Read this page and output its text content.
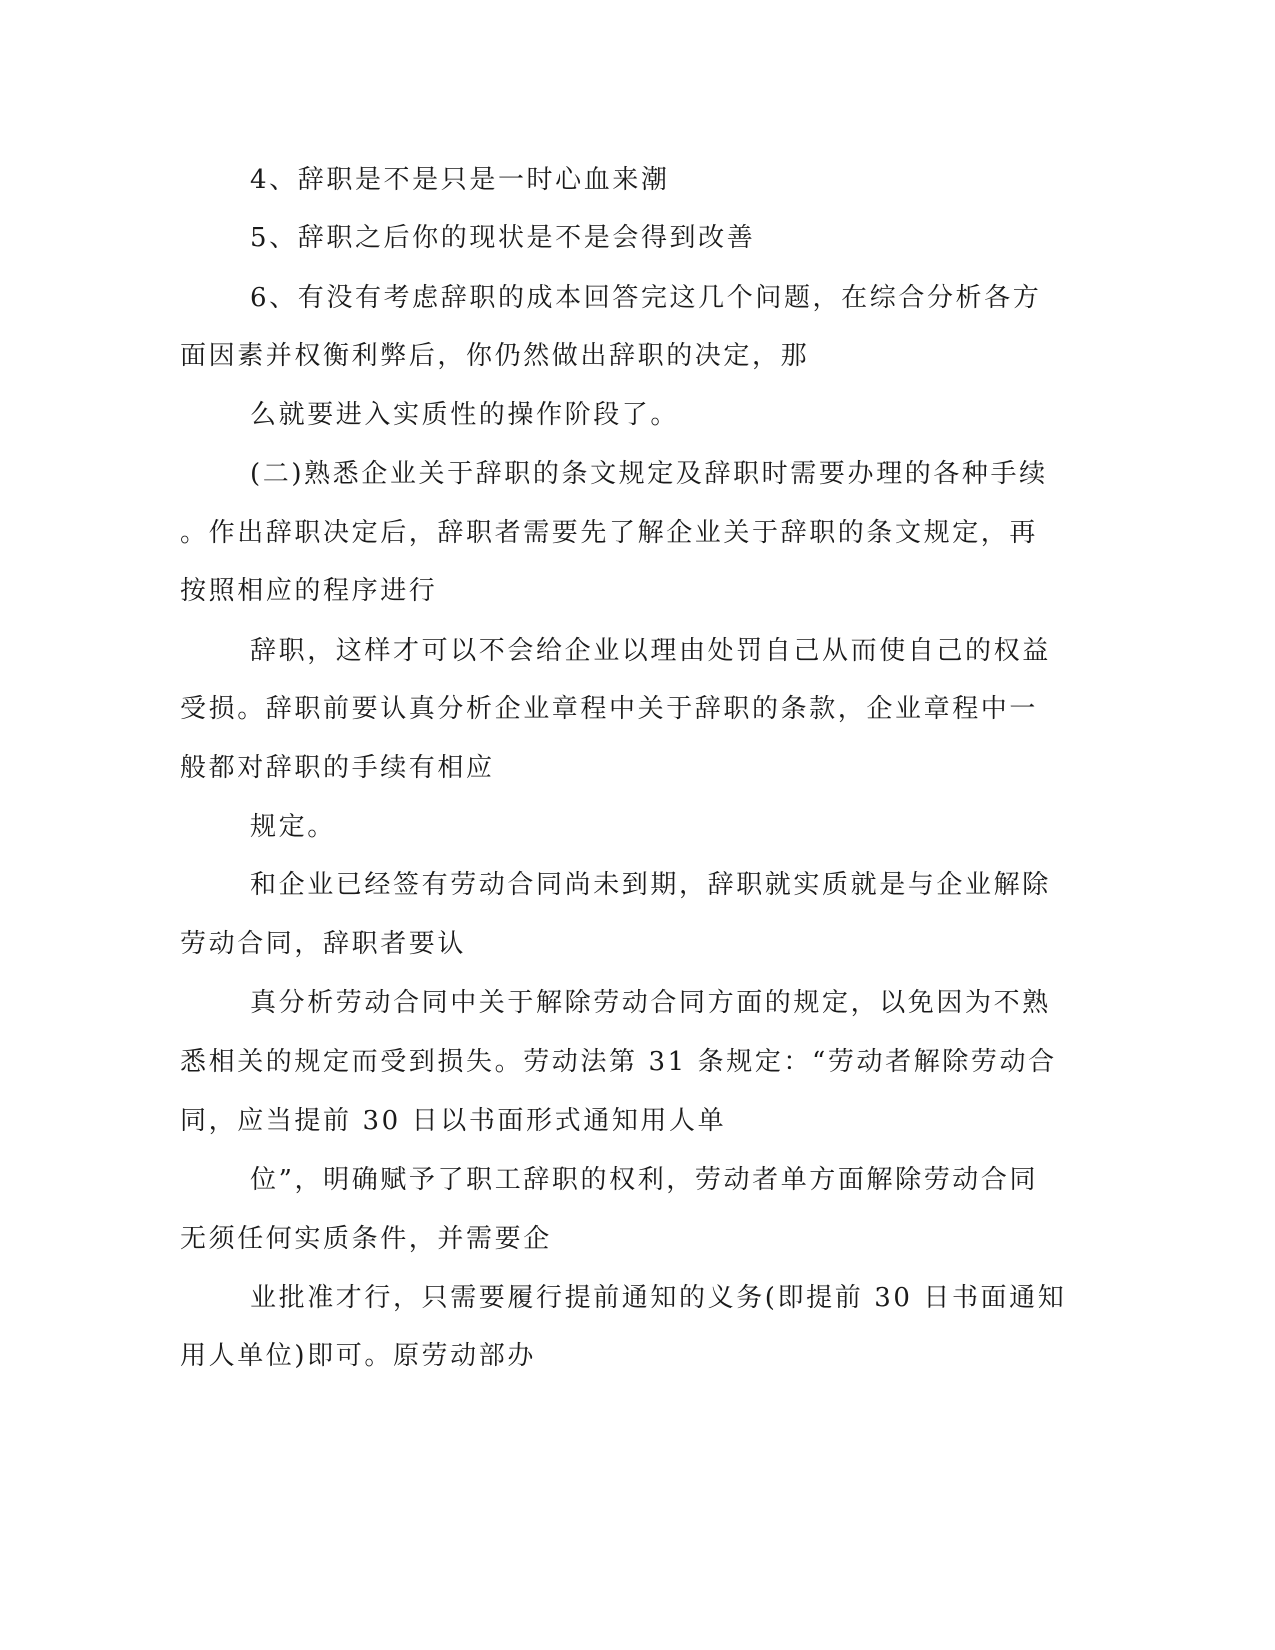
4、辞职是不是只是一时心血来潮
5、辞职之后你的现状是不是会得到改善
6、有没有考虑辞职的成本回答完这几个问题，在综合分析各方
面因素并权衡利弊后，你仍然做出辞职的决定，那
么就要进入实质性的操作阶段了。
(二)熟悉企业关于辞职的条文规定及辞职时需要办理的各种手续
。作出辞职决定后，辞职者需要先了解企业关于辞职的条文规定，再
按照相应的程序进行
辞职，这样才可以不会给企业以理由处罚自己从而使自己的权益
受损。辞职前要认真分析企业章程中关于辞职的条款，企业章程中一
般都对辞职的手续有相应
规定。
和企业已经签有劳动合同尚未到期，辞职就实质就是与企业解除
劳动合同，辞职者要认
真分析劳动合同中关于解除劳动合同方面的规定，以免因为不熟
悉相关的规定而受到损失。劳动法第 31 条规定：“劳动者解除劳动合
同，应当提前 30 日以书面形式通知用人单
位”，明确赋予了职工辞职的权利，劳动者单方面解除劳动合同
无须任何实质条件，并需要企
业批准才行，只需要履行提前通知的义务(即提前 30 日书面通知
用人单位)即可。原劳动部办
